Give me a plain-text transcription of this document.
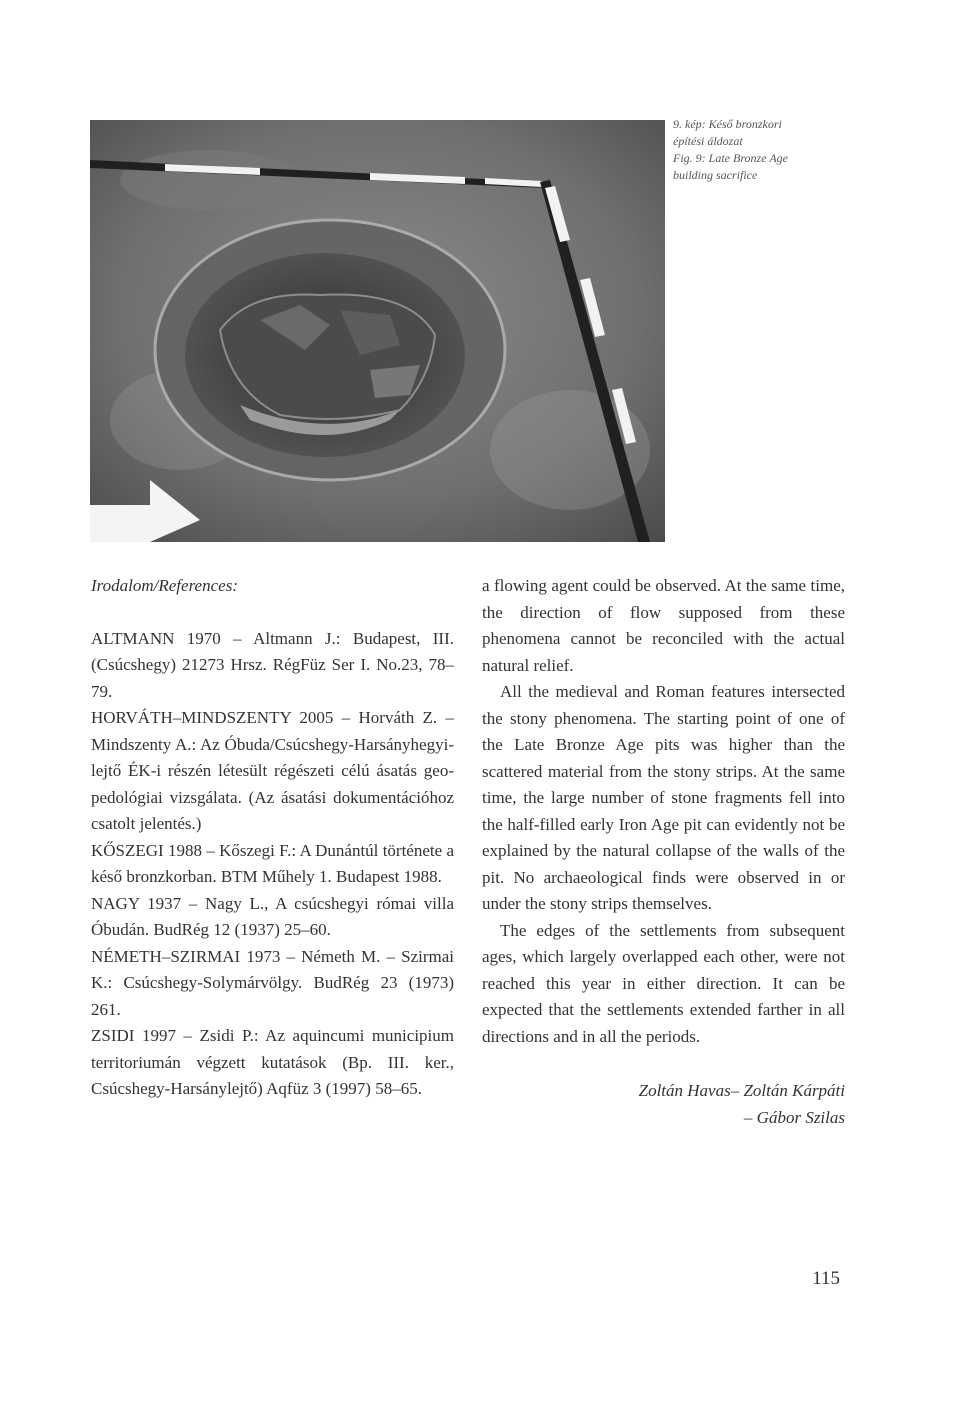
9. kép: Késő bronzkori
építési áldozat
Fig. 9: Late Bronze Age
building sacrifice

Irodalom/References:

ALTMANN 1970 – Altmann J.: Budapest, III. (Csúcshegy) 21273 Hrsz. RégFüz Ser I. No.23, 78–79.

HORVÁTH–MINDSZENTY 2005 – Horváth Z. – Mindszenty A.: Az Óbuda/Csúcshegy-Harsányhegyi-lejtő ÉK-i részén létesült régészeti célú ásatás geo-pedológiai vizsgálata. (Az ásatási dokumentációhoz csatolt jelentés.)

KŐSZEGI 1988 – Kőszegi F.: A Dunántúl története a késő bronzkorban. BTM Műhely 1. Budapest 1988.

NAGY 1937 – Nagy L., A csúcshegyi római villa Óbudán. BudRég 12 (1937) 25–60.

NÉMETH–SZIRMAI 1973 – Németh M. – Szirmai K.: Csúcshegy-Solymárvölgy. BudRég 23 (1973) 261.

ZSIDI 1997 – Zsidi P.: Az aquincumi municipium territoriumán végzett kutatások (Bp. III. ker., Csúcshegy-Harsánylejtő) Aqfüz 3 (1997) 58–65.

a flowing agent could be observed. At the same time, the direction of flow supposed from these phenomena cannot be reconciled with the actual natural relief.

All the medieval and Roman features intersected the stony phenomena. The starting point of one of the Late Bronze Age pits was higher than the scattered material from the stony strips. At the same time, the large number of stone fragments fell into the half-filled early Iron Age pit can evidently not be explained by the natural collapse of the walls of the pit. No archaeological finds were observed in or under the stony strips themselves.

The edges of the settlements from subsequent ages, which largely overlapped each other, were not reached this year in either direction. It can be expected that the settlements extended farther in all directions and in all the periods.

Zoltán Havas– Zoltán Kárpáti
– Gábor Szilas
115
